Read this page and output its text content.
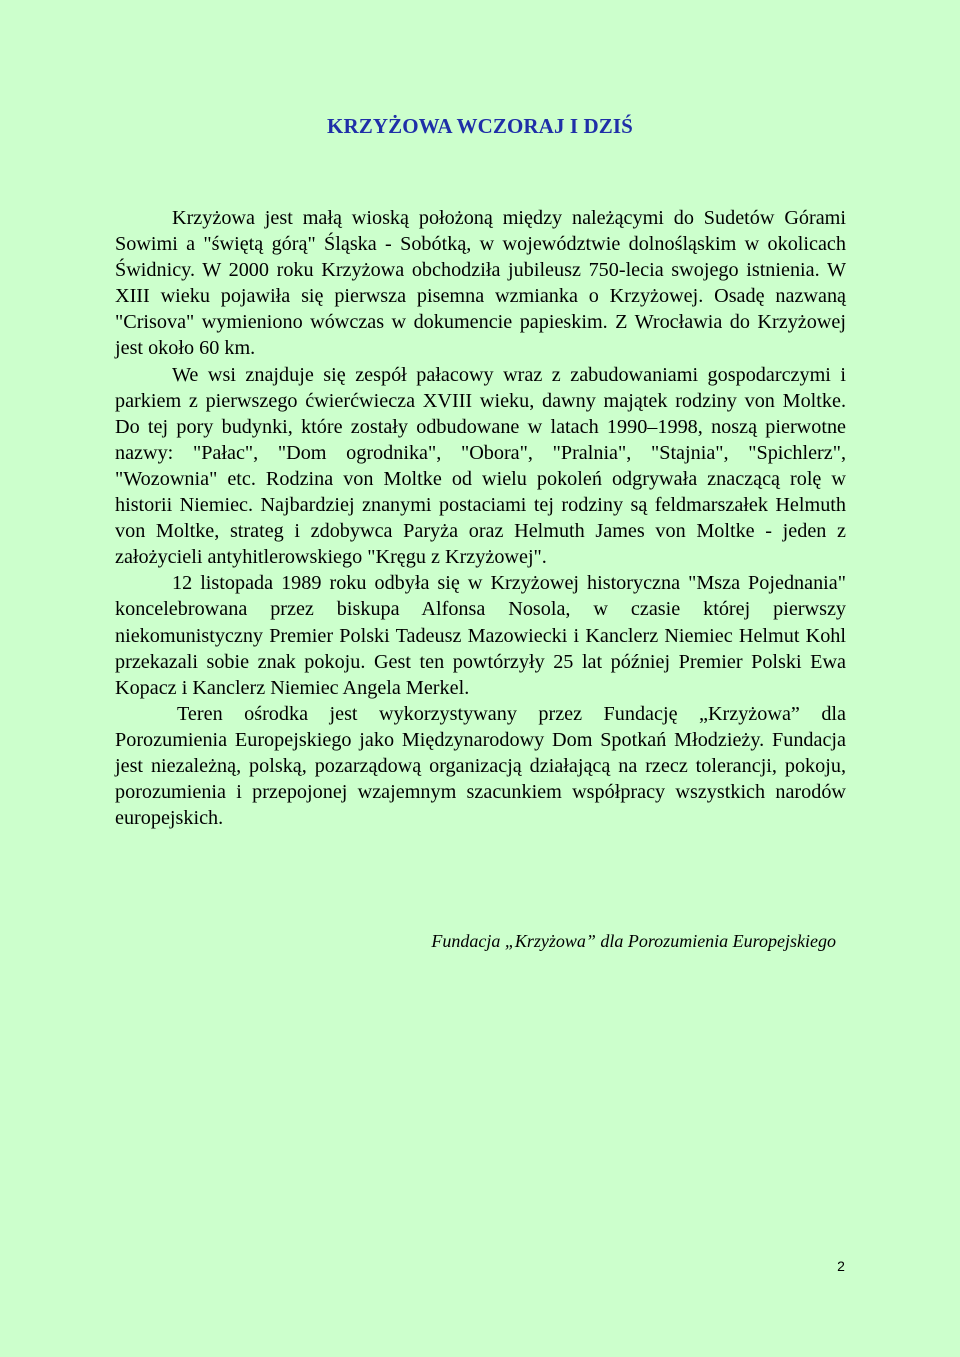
KRZYŻOWA WCZORAJ I DZIŚ

Krzyżowa jest małą wioską położoną między należącymi do Sudetów Górami Sowimi a "świętą górą" Śląska - Sobótką, w województwie dolnośląskim w okolicach Świdnicy. W 2000 roku Krzyżowa obchodziła jubileusz 750-lecia swojego istnienia. W XIII wieku pojawiła się pierwsza pisemna wzmianka o Krzyżowej. Osadę nazwaną "Crisova" wymieniono wówczas w dokumencie papieskim. Z Wrocławia do Krzyżowej jest około 60 km.

We wsi znajduje się zespół pałacowy wraz z zabudowaniami gospodarczymi i parkiem z pierwszego ćwierćwiecza XVIII wieku, dawny majątek rodziny von Moltke. Do tej pory budynki, które zostały odbudowane w latach 1990–1998, noszą pierwotne nazwy: "Pałac", "Dom ogrodnika", "Obora", "Pralnia", "Stajnia", "Spichlerz", "Wozownia" etc. Rodzina von Moltke od wielu pokoleń odgrywała znaczącą rolę w historii Niemiec. Najbardziej znanymi postaciami tej rodziny są feldmarszałek Helmuth von Moltke, strateg i zdobywca Paryża oraz Helmuth James von Moltke - jeden z założycieli antyhitlerowskiego "Kręgu z Krzyżowej".

12 listopada 1989 roku odbyła się w Krzyżowej historyczna "Msza Pojednania" koncelebrowana przez biskupa Alfonsa Nosola, w czasie której pierwszy niekomunistyczny Premier Polski Tadeusz Mazowiecki i Kanclerz Niemiec Helmut Kohl przekazali sobie znak pokoju. Gest ten powtórzyły 25 lat później Premier Polski Ewa Kopacz i Kanclerz Niemiec Angela Merkel.

Teren ośrodka jest wykorzystywany przez Fundację „Krzyżowa” dla Porozumienia Europejskiego jako Międzynarodowy Dom Spotkań Młodzieży. Fundacja jest niezależną, polską, pozarządową organizacją działającą na rzecz tolerancji, pokoju, porozumienia i przepojonej wzajemnym szacunkiem współpracy wszystkich narodów europejskich.

Fundacja „Krzyżowa” dla Porozumienia Europejskiego

2
